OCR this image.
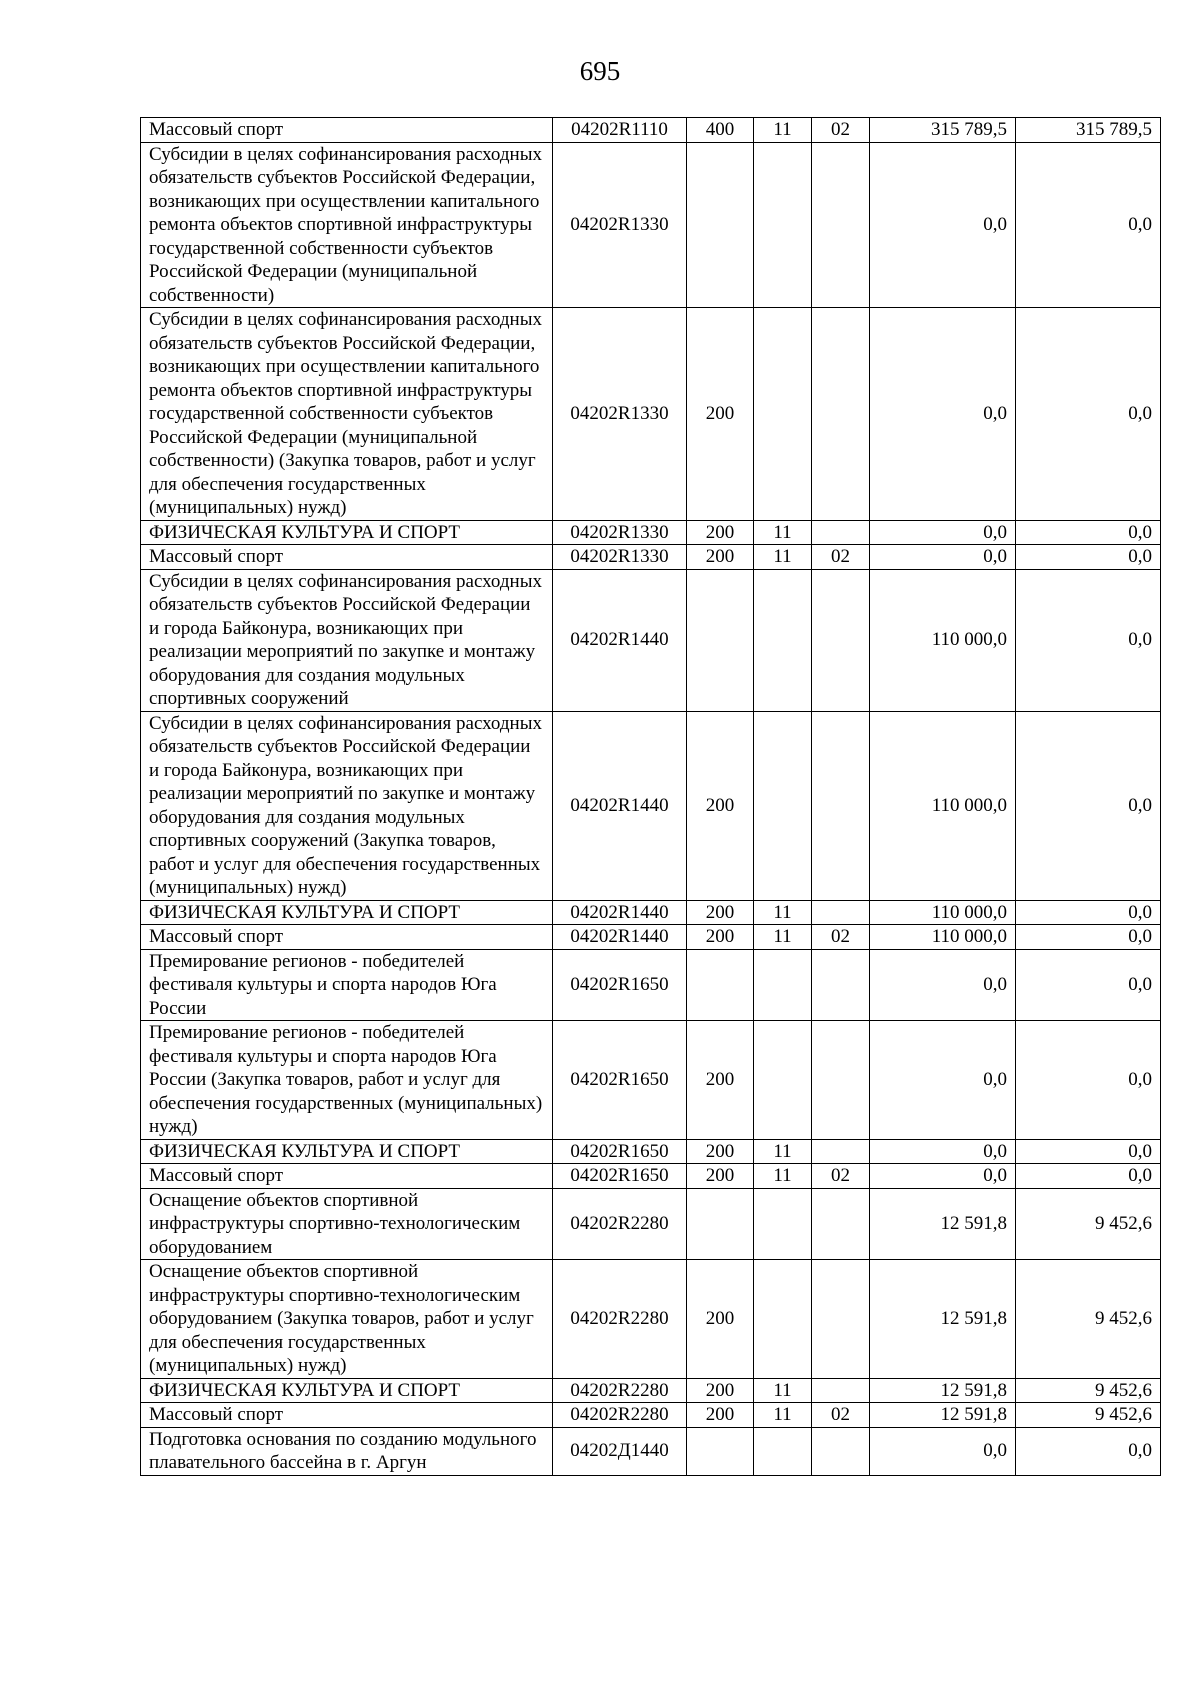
695
Массовый спорт	04202R1110	400	11	02	315 789,5	315 789,5
Субсидии в целях софинансирования расходных обязательств субъектов Российской Федерации, возникающих при осуществлении капитального ремонта объектов спортивной инфраструктуры государственной собственности субъектов Российской Федерации (муниципальной собственности)	04202R1330				0,0	0,0
Субсидии в целях софинансирования расходных обязательств субъектов Российской Федерации, возникающих при осуществлении капитального ремонта объектов спортивной инфраструктуры государственной собственности субъектов Российской Федерации (муниципальной собственности) (Закупка товаров, работ и услуг для обеспечения государственных (муниципальных) нужд)	04202R1330	200			0,0	0,0
ФИЗИЧЕСКАЯ КУЛЬТУРА И СПОРТ	04202R1330	200	11		0,0	0,0
Массовый спорт	04202R1330	200	11	02	0,0	0,0
Субсидии в целях софинансирования расходных обязательств субъектов Российской Федерации и города Байконура, возникающих при реализации мероприятий по закупке и монтажу оборудования для создания модульных спортивных сооружений	04202R1440				110 000,0	0,0
Субсидии в целях софинансирования расходных обязательств субъектов Российской Федерации и города Байконура, возникающих при реализации мероприятий по закупке и монтажу оборудования для создания модульных спортивных сооружений (Закупка товаров, работ и услуг для обеспечения государственных (муниципальных) нужд)	04202R1440	200			110 000,0	0,0
ФИЗИЧЕСКАЯ КУЛЬТУРА И СПОРТ	04202R1440	200	11		110 000,0	0,0
Массовый спорт	04202R1440	200	11	02	110 000,0	0,0
Премирование регионов - победителей фестиваля культуры и спорта народов Юга России	04202R1650				0,0	0,0
Премирование регионов - победителей фестиваля культуры и спорта народов Юга России (Закупка товаров, работ и услуг для обеспечения государственных (муниципальных) нужд)	04202R1650	200			0,0	0,0
ФИЗИЧЕСКАЯ КУЛЬТУРА И СПОРТ	04202R1650	200	11		0,0	0,0
Массовый спорт	04202R1650	200	11	02	0,0	0,0
Оснащение объектов спортивной инфраструктуры спортивно-технологическим оборудованием	04202R2280				12 591,8	9 452,6
Оснащение объектов спортивной инфраструктуры спортивно-технологическим оборудованием (Закупка товаров, работ и услуг для обеспечения государственных (муниципальных) нужд)	04202R2280	200			12 591,8	9 452,6
ФИЗИЧЕСКАЯ КУЛЬТУРА И СПОРТ	04202R2280	200	11		12 591,8	9 452,6
Массовый спорт	04202R2280	200	11	02	12 591,8	9 452,6
Подготовка основания по созданию модульного плавательного бассейна в г. Аргун	04202Д1440				0,0	0,0
